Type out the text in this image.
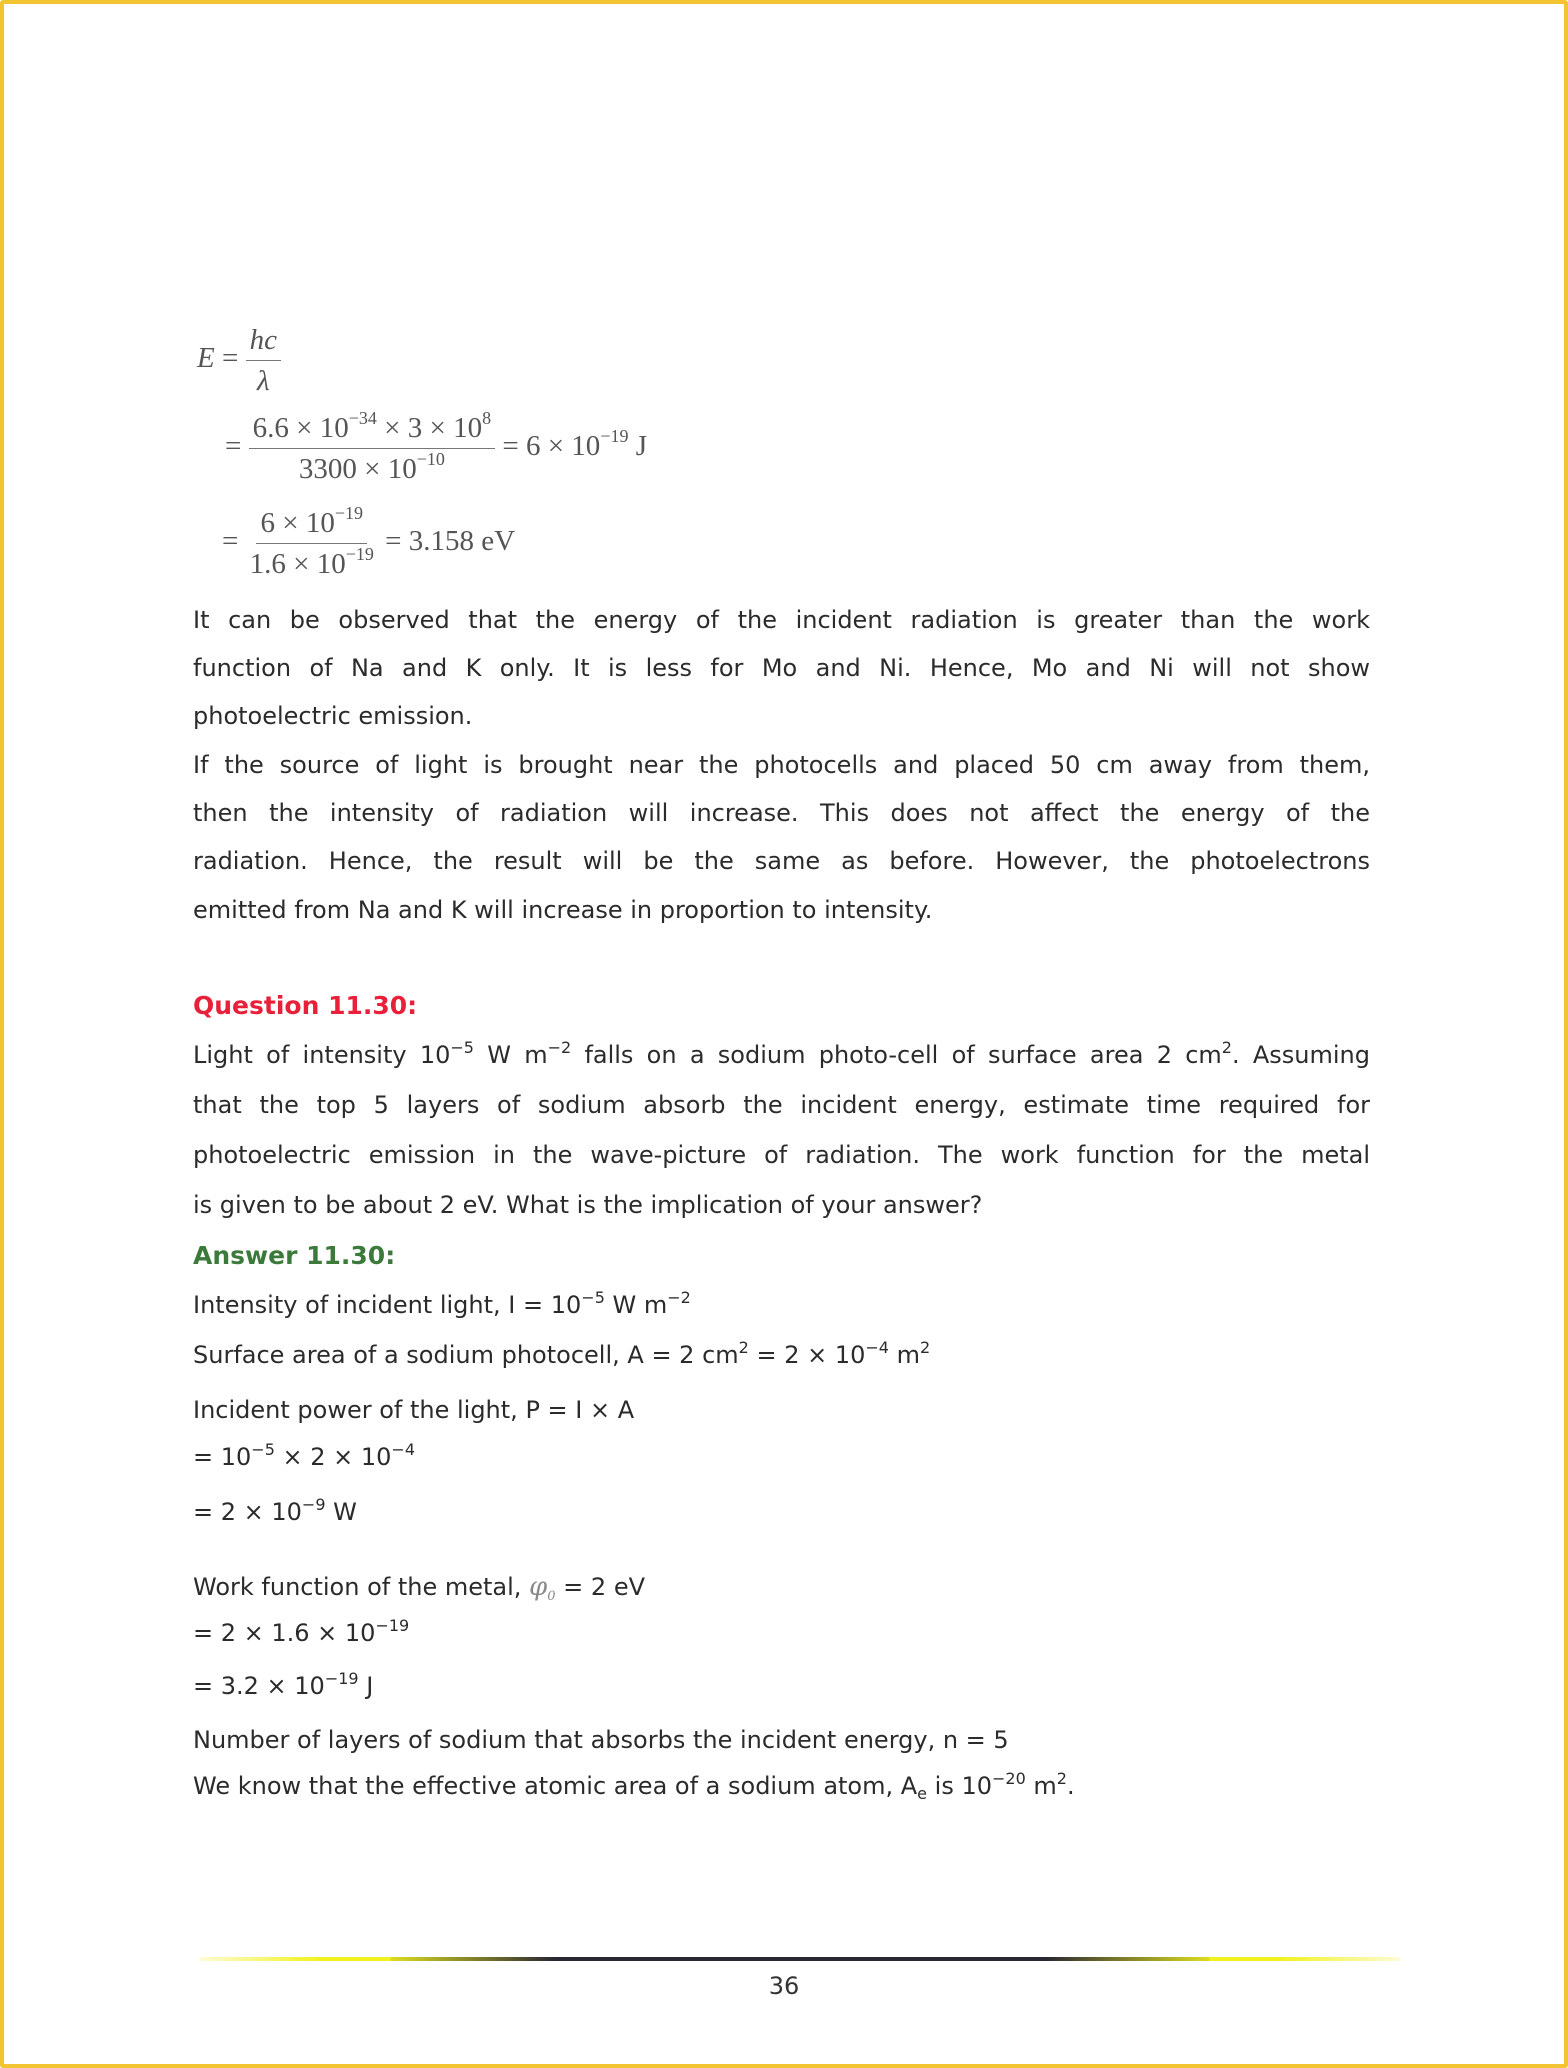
$E = \frac{hc}{\lambda}$
= $\frac{6.6 \times 10^{-34} \times 3 \times 10^8}{3300 \times 10^{-10}} = 6 \times 10^{-19}$ J
= $\frac{6 \times 10^{-19}}{1.6 \times 10^{-19}} = 3.158$ eV
It can be observed that the energy of the incident radiation is greater than the work
function of Na and K only. It is less for Mo and Ni. Hence, Mo and Ni will not show
photoelectric emission.
If the source of light is brought near the photocells and placed 50 cm away from them,
then the intensity of radiation will increase. This does not affect the energy of the
radiation. Hence, the result will be the same as before. However, the photoelectrons
emitted from Na and K will increase in proportion to intensity.
Question 11.30:
Light of intensity $10^{-5}$ W $m^{-2}$ falls on a sodium photo-cell of surface area 2 $cm^2$. Assuming
that the top 5 layers of sodium absorb the incident energy, estimate time required for
photoelectric emission in the wave-picture of radiation. The work function for the metal
is given to be about 2 eV. What is the implication of your answer?
Answer 11.30:
Intensity of incident light, $I = 10^{-5}$ W $m^{-2}$
Surface area of a sodium photocell, A = 2 $cm^2 = 2 \times 10^{-4}$ $m^2$
Incident power of the light, P = I × A
= $10^{-5} \times 2 \times 10^{-4}$
= $2 \times 10^{-9}$ W
Work function of the metal, $\varphi_0 = 2$ eV
= $2 \times 1.6 \times 10^{-19}$
= $3.2 \times 10^{-19}$ J
Number of layers of sodium that absorbs the incident energy, n = 5
We know that the effective atomic area of a sodium atom, $A_e$ is $10^{-20}$ $m^2$.
36
